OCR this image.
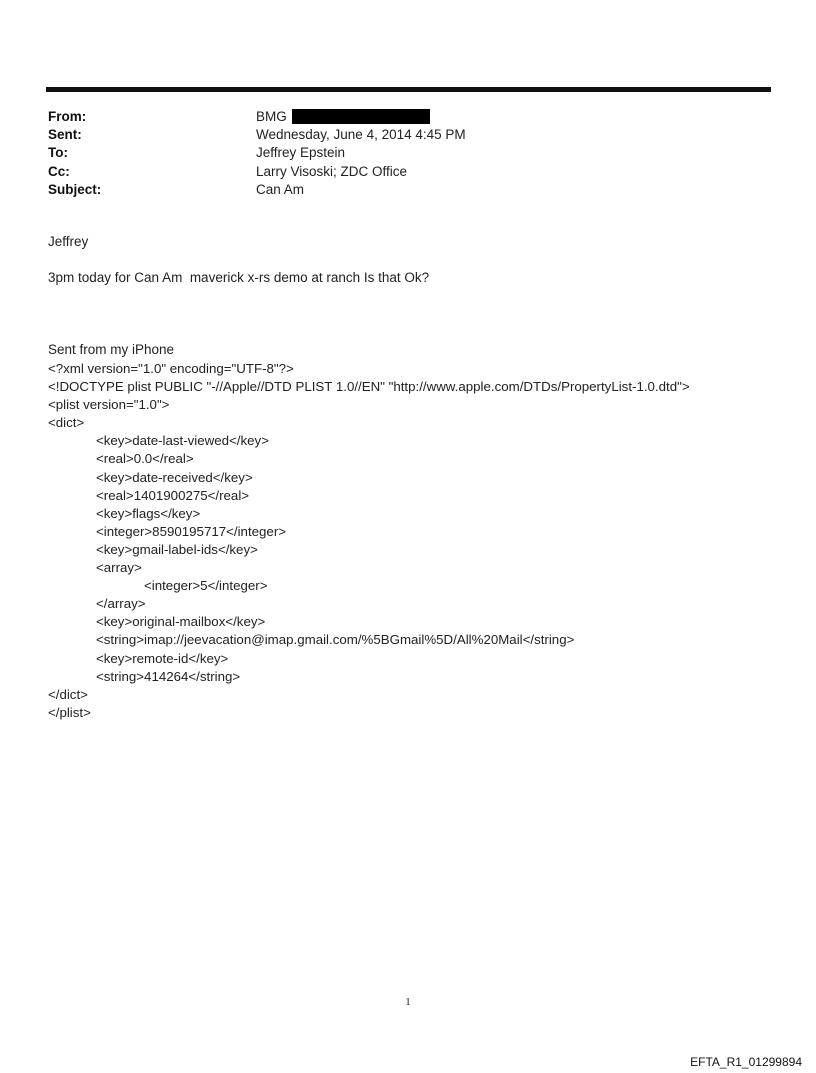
From:	BMG
Sent:	Wednesday, June 4, 2014 4:45 PM
To:	Jeffrey Epstein
Cc:	Larry Visoski; ZDC Office
Subject:	Can Am

Jeffrey

3pm today for Can Am  maverick x-rs demo at ranch Is that Ok?

Sent from my iPhone

<?xml version="1.0" encoding="UTF-8"?>
<!DOCTYPE plist PUBLIC "-//Apple//DTD PLIST 1.0//EN" "http://www.apple.com/DTDs/PropertyList-1.0.dtd">
<plist version="1.0">
<dict>
<key>date-last-viewed</key>
<real>0.0</real>
<key>date-received</key>
<real>1401900275</real>
<key>flags</key>
<integer>8590195717</integer>
<key>gmail-label-ids</key>
<array>
<integer>5</integer>
</array>
<key>original-mailbox</key>
<string>imap://jeevacation@imap.gmail.com/%5BGmail%5D/All%20Mail</string>
<key>remote-id</key>
<string>414264</string>
</dict>
</plist>
1
EFTA_R1_01299894
